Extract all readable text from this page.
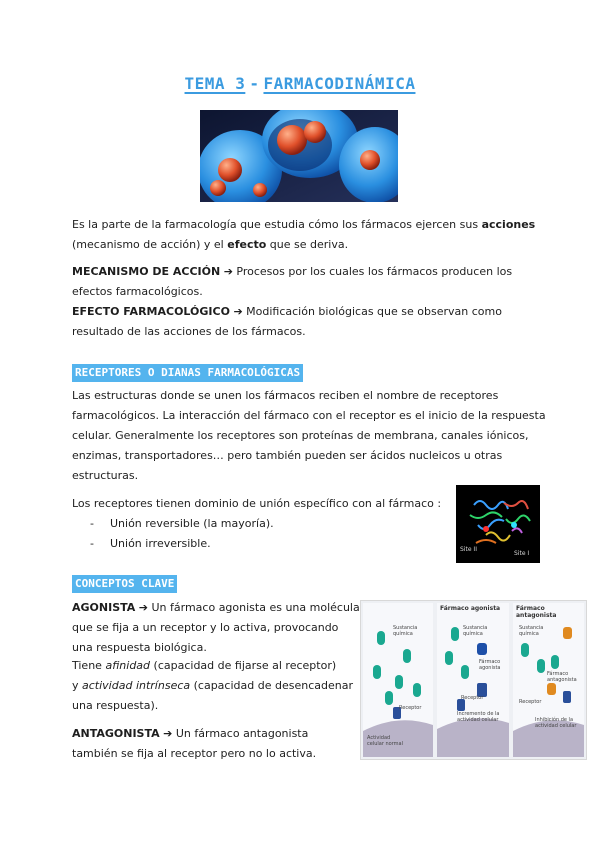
TEMA 3 - FARMACODINÁMICA
Es la parte de la farmacología que estudia cómo los fármacos ejercen sus acciones
(mecanismo de acción) y el efecto que se deriva.
MECANISMO DE ACCIÓN ➔ Procesos por los cuales los fármacos producen los
efectos farmacológicos.
EFECTO FARMACOLÓGICO ➔ Modificación biológicas que se observan como
resultado de las acciones de los fármacos.
RECEPTORES O DIANAS FARMACOLÓGICAS
Las estructuras donde se unen los fármacos reciben el nombre de receptores
farmacológicos. La interacción del fármaco con el receptor es el inicio de la respuesta
celular. Generalmente los receptores son proteínas de membrana, canales iónicos,
enzimas, transportadores… pero también pueden ser ácidos nucleicos u otras
estructuras.
Los receptores tienen dominio de unión específico con al fármaco :
- Unión reversible (la mayoría).
- Unión irreversible.	Site II
Site I
CONCEPTOS CLAVE
AGONISTA ➔ Un fármaco agonista es una molécula
que se fija a un receptor y lo activa, provocando
una respuesta biológica.
Tiene afinidad (capacidad de fijarse al receptor)
y actividad intrínseca (capacidad de desencadenar
una respuesta).
ANTAGONISTA ➔ Un fármaco antagonista
también se fija al receptor pero no lo activa.
Sustancia química
Receptor
Actividad celular normal
Fármaco agonista
Sustancia química
Fármaco agonista
Receptor
Incremento de la actividad celular
Fármaco antagonista
Sustancia química
Fármaco antagonista
Receptor
Inhibición de la actividad celular
